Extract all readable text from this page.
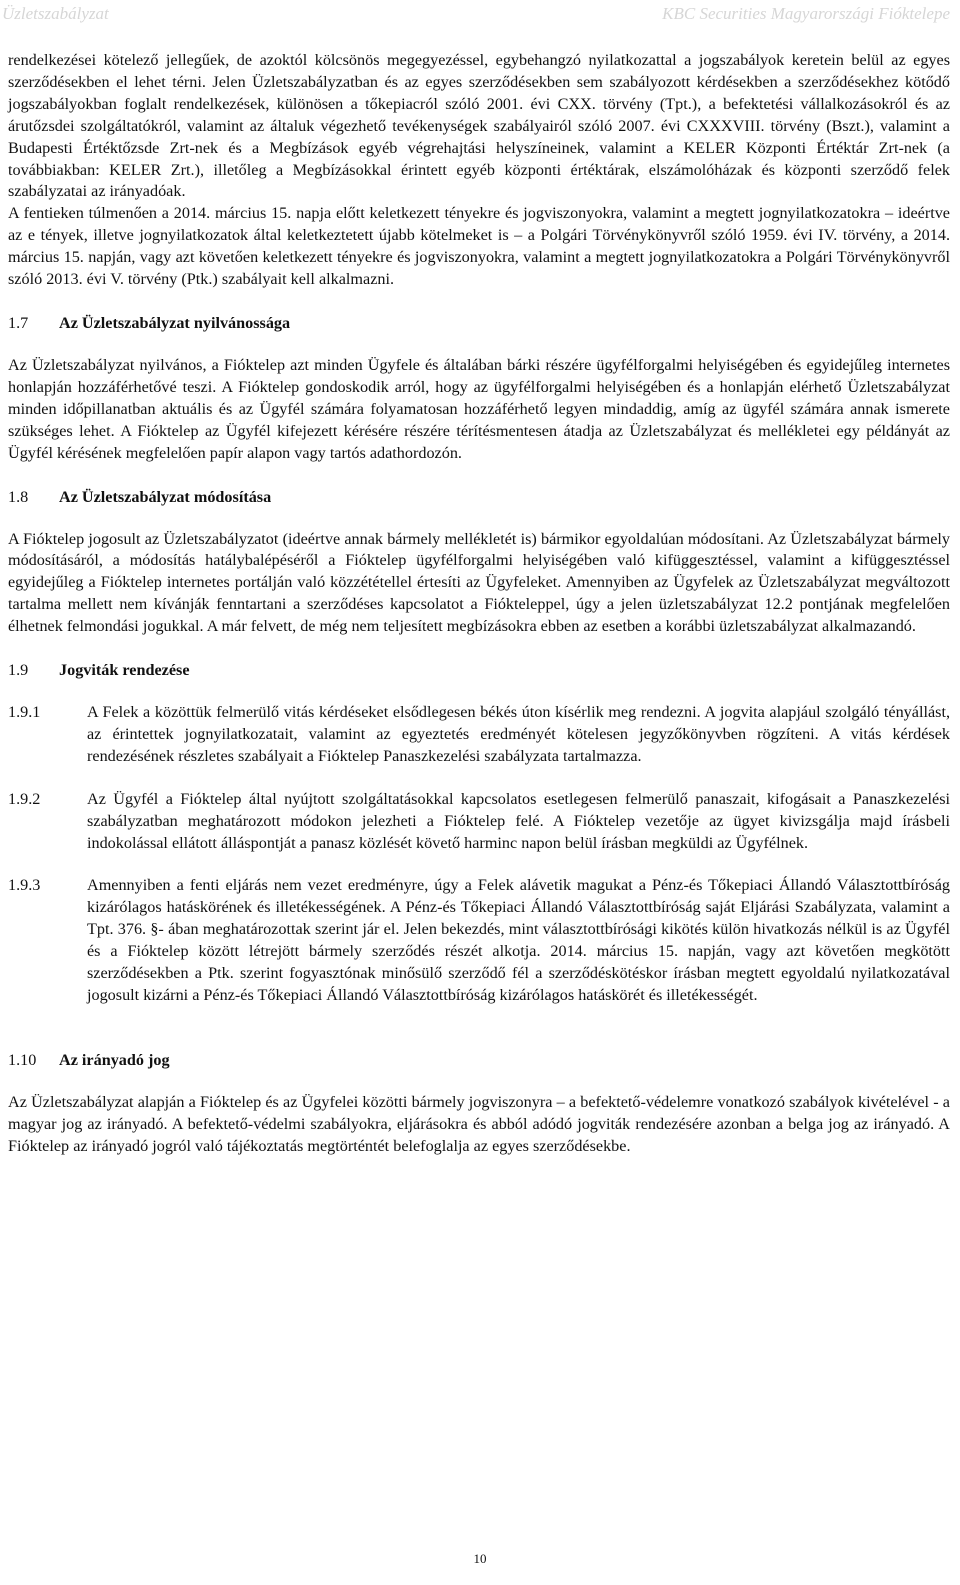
Üzletszabályzat	KBC Securities Magyarországi Fióktelepe

rendelkezései kötelező jellegűek, de azoktól kölcsönös megegyezéssel, egybehangzó nyilatkozattal a jogszabályok keretein belül az egyes szerződésekben el lehet térni. Jelen Üzletszabályzatban és az egyes szerződésekben sem szabályozott kérdésekben a szerződésekhez kötődő jogszabályokban foglalt rendelkezések, különösen a tőkepiacról szóló 2001. évi CXX. törvény (Tpt.), a befektetési vállalkozásokról és az árutőzsdei szolgáltatókról, valamint az általuk végezhető tevékenységek szabályairól szóló 2007. évi CXXXVIII. törvény (Bszt.), valamint a Budapesti Értéktőzsde Zrt-nek és a Megbízások egyéb végrehajtási helyszíneinek, valamint a KELER Központi Értéktár Zrt-nek (a továbbiakban: KELER Zrt.), illetőleg a Megbízásokkal érintett egyéb központi értéktárak, elszámolóházak és központi szerződő felek szabályzatai az irányadóak.

A fentieken túlmenően a 2014. március 15. napja előtt keletkezett tényekre és jogviszonyokra, valamint a megtett jognyilatkozatokra – ideértve az e tények, illetve jognyilatkozatok által keletkeztetett újabb kötelmeket is – a Polgári Törvénykönyvről szóló 1959. évi IV. törvény, a 2014. március 15. napján, vagy azt követően keletkezett tényekre és jogviszonyokra, valamint a megtett jognyilatkozatokra a Polgári Törvénykönyvről szóló 2013. évi V. törvény (Ptk.) szabályait kell alkalmazni.

1.7	Az Üzletszabályzat nyilvánossága

Az Üzletszabályzat nyilvános, a Fióktelep azt minden Ügyfele és általában bárki részére ügyfélforgalmi helyiségében és egyidejűleg internetes honlapján hozzáférhetővé teszi. A Fióktelep gondoskodik arról, hogy az ügyfélforgalmi helyiségében és a honlapján elérhető Üzletszabályzat minden időpillanatban aktuális és az Ügyfél számára folyamatosan hozzáférhető legyen mindaddig, amíg az ügyfél számára annak ismerete szükséges lehet. A Fióktelep az Ügyfél kifejezett kérésére részére térítésmentesen átadja az Üzletszabályzat és mellékletei egy példányát az Ügyfél kérésének megfelelően papír alapon vagy tartós adathordozón.

1.8	Az Üzletszabályzat módosítása

A Fióktelep jogosult az Üzletszabályzatot (ideértve annak bármely mellékletét is) bármikor egyoldalúan módosítani. Az Üzletszabályzat bármely módosításáról, a módosítás hatálybalépéséről a Fióktelep ügyfélforgalmi helyiségében való kifüggesztéssel, valamint a kifüggesztéssel egyidejűleg a Fióktelep internetes portálján való közzététellel értesíti az Ügyfeleket. Amennyiben az Ügyfelek az Üzletszabályzat megváltozott tartalma mellett nem kívánják fenntartani a szerződéses kapcsolatot a Fiókteleppel, úgy a jelen üzletszabályzat 12.2 pontjának megfelelően élhetnek felmondási jogukkal. A már felvett, de még nem teljesített megbízásokra ebben az esetben a korábbi üzletszabályzat alkalmazandó.

1.9	Jogviták rendezése
1.9.1	A Felek a közöttük felmerülő vitás kérdéseket elsődlegesen békés úton kísérlik meg rendezni. A jogvita alapjául szolgáló tényállást, az érintettek jognyilatkozatait, valamint az egyeztetés eredményét kötelesen jegyzőkönyvben rögzíteni. A vitás kérdések rendezésének részletes szabályait a Fióktelep Panaszkezelési szabályzata tartalmazza.

1.9.2	Az Ügyfél a Fióktelep által nyújtott szolgáltatásokkal kapcsolatos esetlegesen felmerülő panaszait, kifogásait a Panaszkezelési szabályzatban meghatározott módokon jelezheti a Fióktelep felé. A Fióktelep vezetője az ügyet kivizsgálja majd írásbeli indokolással ellátott álláspontját a panasz közlését követő harminc napon belül írásban megküldi az Ügyfélnek.

1.9.3	Amennyiben a fenti eljárás nem vezet eredményre, úgy a Felek alávetik magukat a Pénz-és Tőkepiaci Állandó Választottbíróság kizárólagos hatáskörének és illetékességének. A Pénz-és Tőkepiaci Állandó Választottbíróság saját Eljárási Szabályzata, valamint a Tpt. 376. §- ában meghatározottak szerint jár el. Jelen bekezdés, mint választottbírósági kikötés külön hivatkozás nélkül is az Ügyfél és a Fióktelep között létrejött bármely szerződés részét alkotja. 2014. március 15. napján, vagy azt követően megkötött szerződésekben a Ptk. szerint fogyasztónak minősülő szerződő fél a szerződéskötéskor írásban megtett egyoldalú nyilatkozatával jogosult kizárni a Pénz-és Tőkepiaci Állandó Választottbíróság kizárólagos hatáskörét és illetékességét.

1.10	Az irányadó jog

Az Üzletszabályzat alapján a Fióktelep és az Ügyfelei közötti bármely jogviszonyra – a befektető-védelemre vonatkozó szabályok kivételével - a magyar jog az irányadó. A befektető-védelmi szabályokra, eljárásokra és abból adódó jogviták rendezésére azonban a belga jog az irányadó. A Fióktelep az irányadó jogról való tájékoztatás megtörténtét belefoglalja az egyes szerződésekbe.

10
